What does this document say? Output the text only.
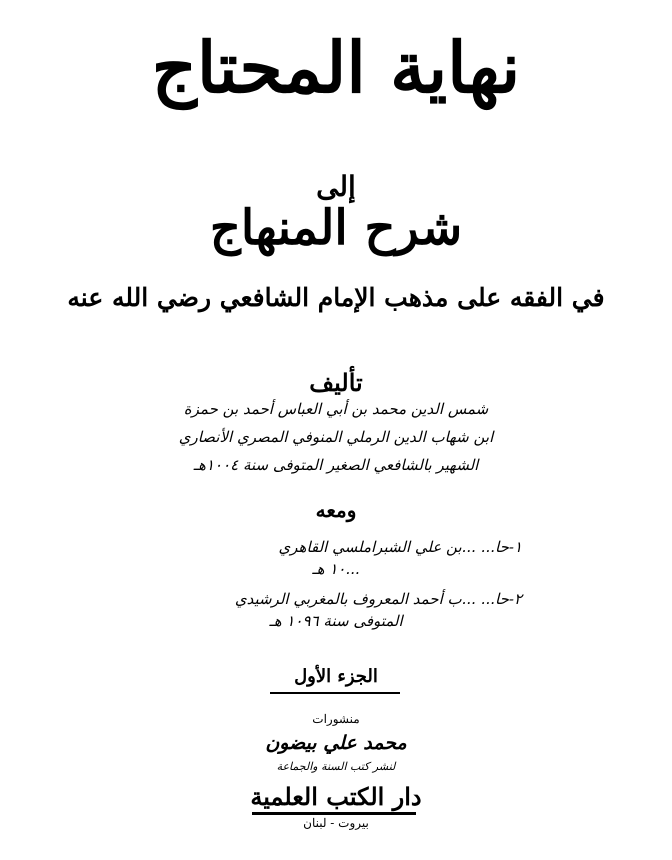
نهاية المحتاج
إلى
شرح المنهاج
في الفقه على مذهب الإمام الشافعي رضي الله عنه
تأليف
شمس الدين محمد بن أبي العباس أحمد بن حمزة
ابن شهاب الدين الرملي المنوفي المصري الأنصاري
الشهير بالشافعي الصغير المتوفى سنة ١٠٠٤هـ
ومعه
١-حا... ...بن علي الشبراملسي القاهري
...١٠ هـ
٢-حا... ...ب أحمد المعروف بالمغربي الرشيدي
المتوفى سنة ١٠٩٦ هـ
الجزء الأول
منشورات
محمد علي بيضون
لنشر كتب السنة والجماعة
دار الكتب العلمية
بيروت - لبنان
